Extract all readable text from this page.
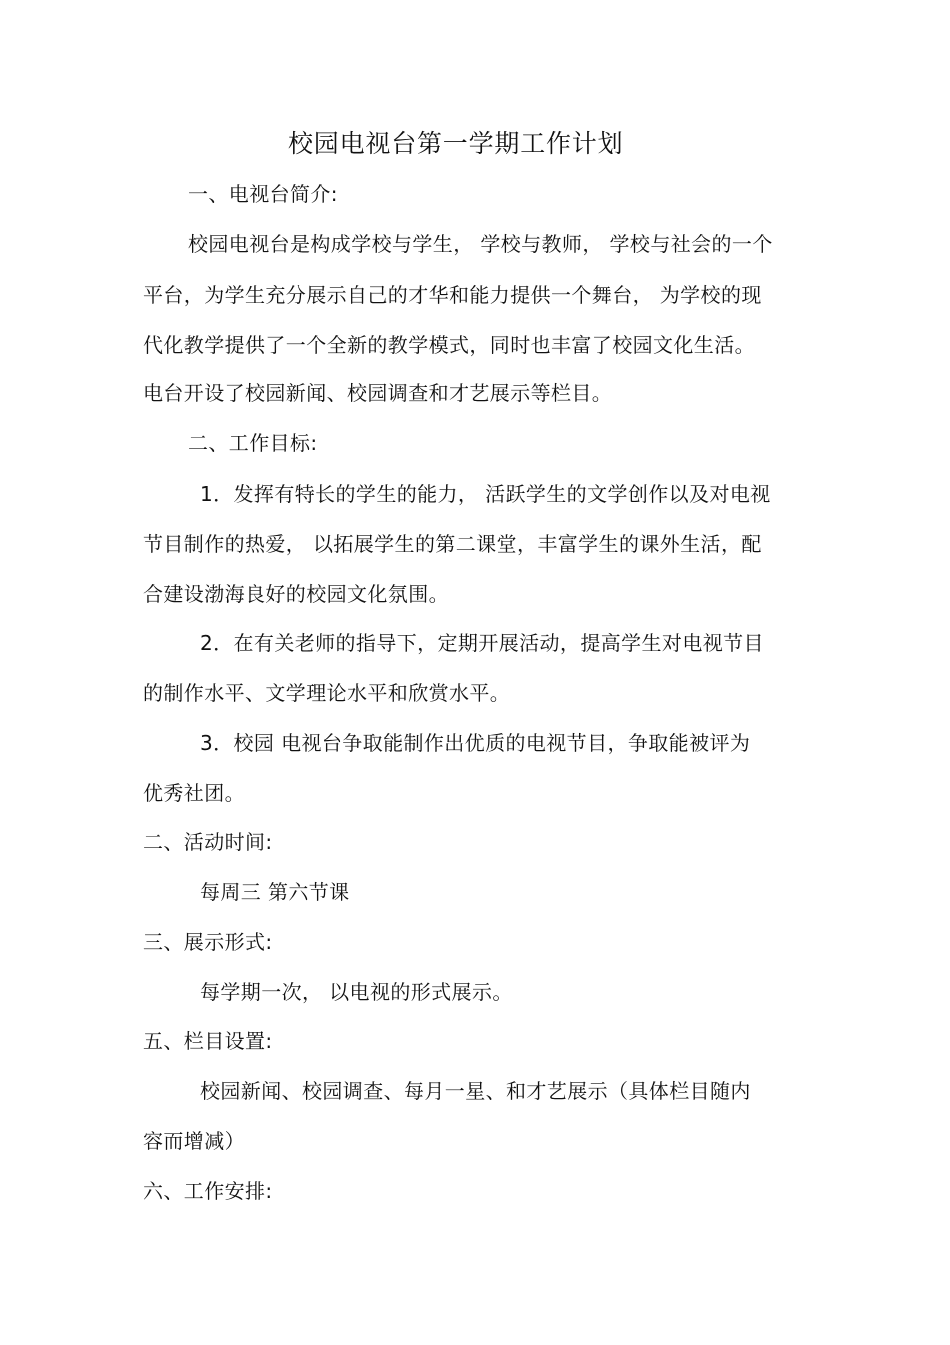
校园电视台第一学期工作计划
一、电视台简介:
校园电视台是构成学校与学生， 学校与教师， 学校与社会的一个
平台，为学生充分展示自己的才华和能力提供一个舞台， 为学校的现
代化教学提供了一个全新的教学模式，同时也丰富了校园文化生活。
电台开设了校园新闻、校园调查和才艺展示等栏目。
二、工作目标:
1．发挥有特长的学生的能力， 活跃学生的文学创作以及对电视
节目制作的热爱， 以拓展学生的第二课堂，丰富学生的课外生活，配
合建设渤海良好的校园文化氛围。
2．在有关老师的指导下，定期开展活动，提高学生对电视节目
的制作水平、文学理论水平和欣赏水平。
3．校园 电视台争取能制作出优质的电视节目，争取能被评为
优秀社团。
二、活动时间:
每周三 第六节课
三、展示形式:
每学期一次， 以电视的形式展示。
五、栏目设置:
校园新闻、校园调查、每月一星、和才艺展示（具体栏目随内
容而增减）
六、工作安排:
